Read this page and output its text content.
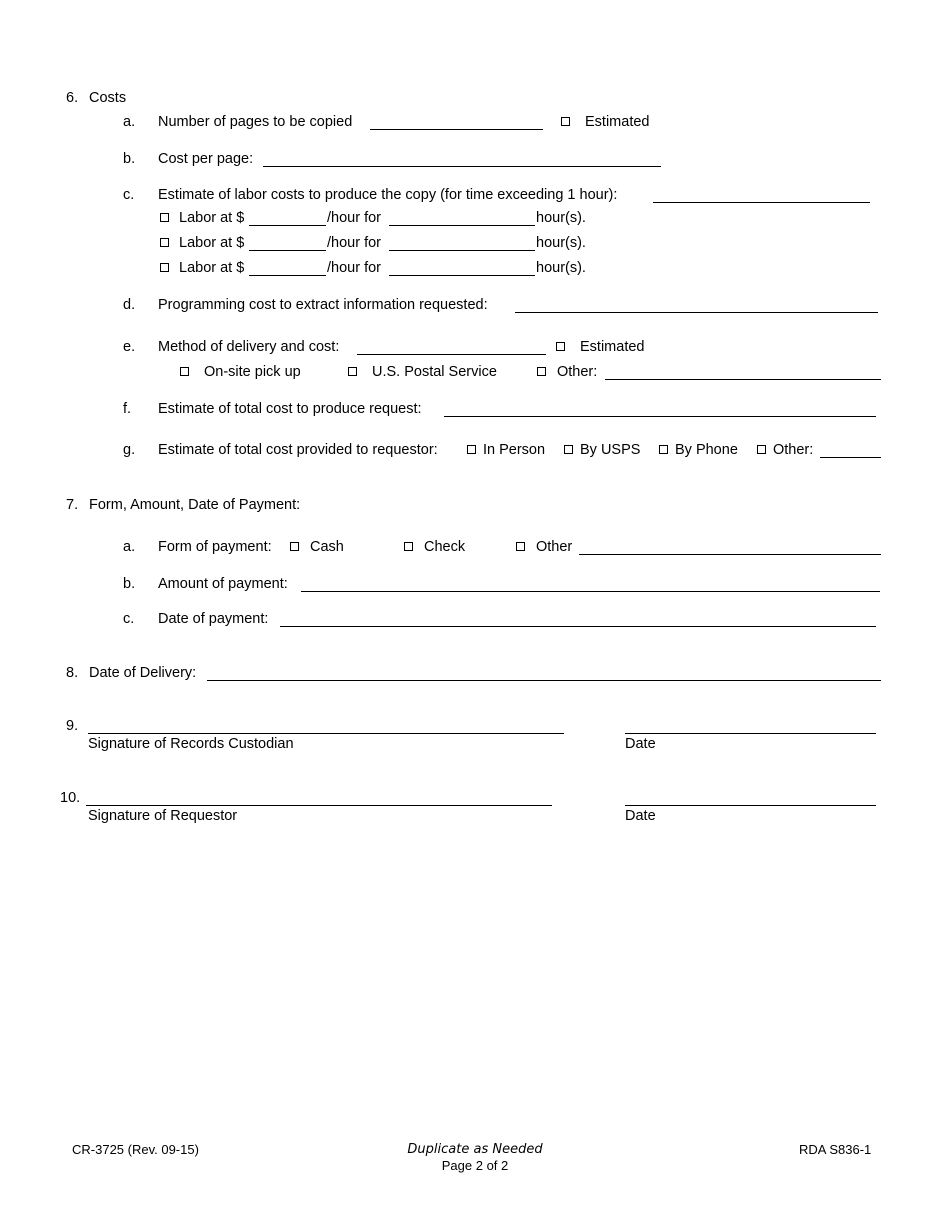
6. Costs
a. Number of pages to be copied	Estimated
b. Cost per page:
c. Estimate of labor costs to produce the copy (for time exceeding 1 hour):
Labor at $	/hour for	hour(s).
Labor at $	/hour for	hour(s).
Labor at $	/hour for	hour(s).
d. Programming cost to extract information requested:
e. Method of delivery and cost:	Estimated
On-site pick up	U.S. Postal Service	Other:
f. Estimate of total cost to produce request:
g. Estimate of total cost provided to requestor:	In Person By USPS By Phone Other:
7. Form, Amount, Date of Payment:
a. Form of payment:	Cash	Check	Other
b. Amount of payment:
c. Date of payment:
8. Date of Delivery:
9.
Signature of Records Custodian	Date
10.
Signature of Requestor	Date
CR-3725 (Rev. 09-15)	Duplicate as Needed
Page 2 of 2
RDA S836-1
